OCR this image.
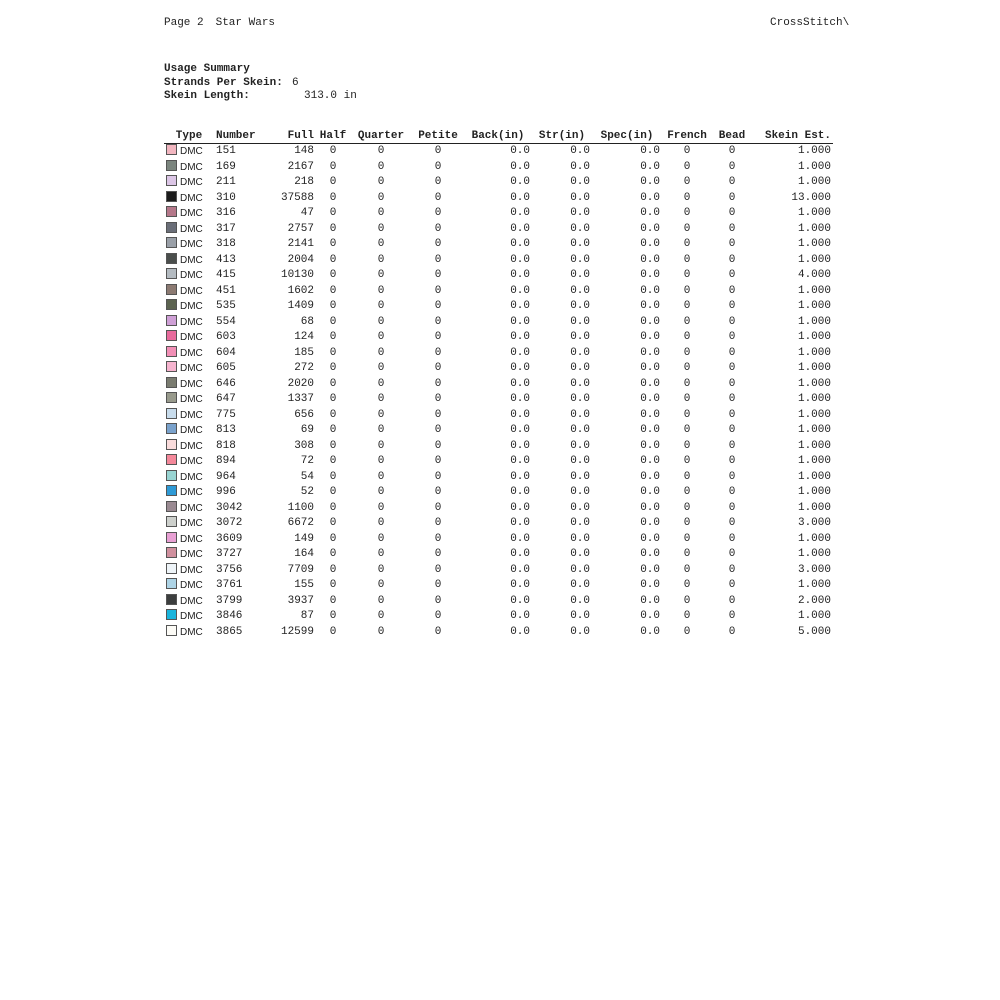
Page 2 Star Wars	CrossStitch\
Usage Summary
Strands Per Skein: 6
Skein Length:	313.0 in
Type	Number	Full	Half	Quarter	Petite	Back(in)	Str(in)	Spec(in)	French	Bead	Skein Est.
DMC	151	148	0	0	0	0.0	0.0	0.0	0	0	1.000
DMC	169	2167	0	0	0	0.0	0.0	0.0	0	0	1.000
DMC	211	218	0	0	0	0.0	0.0	0.0	0	0	1.000
DMC	310	37588	0	0	0	0.0	0.0	0.0	0	0	13.000
DMC	316	47	0	0	0	0.0	0.0	0.0	0	0	1.000
DMC	317	2757	0	0	0	0.0	0.0	0.0	0	0	1.000
DMC	318	2141	0	0	0	0.0	0.0	0.0	0	0	1.000
DMC	413	2004	0	0	0	0.0	0.0	0.0	0	0	1.000
DMC	415	10130	0	0	0	0.0	0.0	0.0	0	0	4.000
DMC	451	1602	0	0	0	0.0	0.0	0.0	0	0	1.000
DMC	535	1409	0	0	0	0.0	0.0	0.0	0	0	1.000
DMC	554	68	0	0	0	0.0	0.0	0.0	0	0	1.000
DMC	603	124	0	0	0	0.0	0.0	0.0	0	0	1.000
DMC	604	185	0	0	0	0.0	0.0	0.0	0	0	1.000
DMC	605	272	0	0	0	0.0	0.0	0.0	0	0	1.000
DMC	646	2020	0	0	0	0.0	0.0	0.0	0	0	1.000
DMC	647	1337	0	0	0	0.0	0.0	0.0	0	0	1.000
DMC	775	656	0	0	0	0.0	0.0	0.0	0	0	1.000
DMC	813	69	0	0	0	0.0	0.0	0.0	0	0	1.000
DMC	818	308	0	0	0	0.0	0.0	0.0	0	0	1.000
DMC	894	72	0	0	0	0.0	0.0	0.0	0	0	1.000
DMC	964	54	0	0	0	0.0	0.0	0.0	0	0	1.000
DMC	996	52	0	0	0	0.0	0.0	0.0	0	0	1.000
DMC	3042	1100	0	0	0	0.0	0.0	0.0	0	0	1.000
DMC	3072	6672	0	0	0	0.0	0.0	0.0	0	0	3.000
DMC	3609	149	0	0	0	0.0	0.0	0.0	0	0	1.000
DMC	3727	164	0	0	0	0.0	0.0	0.0	0	0	1.000
DMC	3756	7709	0	0	0	0.0	0.0	0.0	0	0	3.000
DMC	3761	155	0	0	0	0.0	0.0	0.0	0	0	1.000
DMC	3799	3937	0	0	0	0.0	0.0	0.0	0	0	2.000
DMC	3846	87	0	0	0	0.0	0.0	0.0	0	0	1.000
DMC	3865	12599	0	0	0	0.0	0.0	0.0	0	0	5.000
